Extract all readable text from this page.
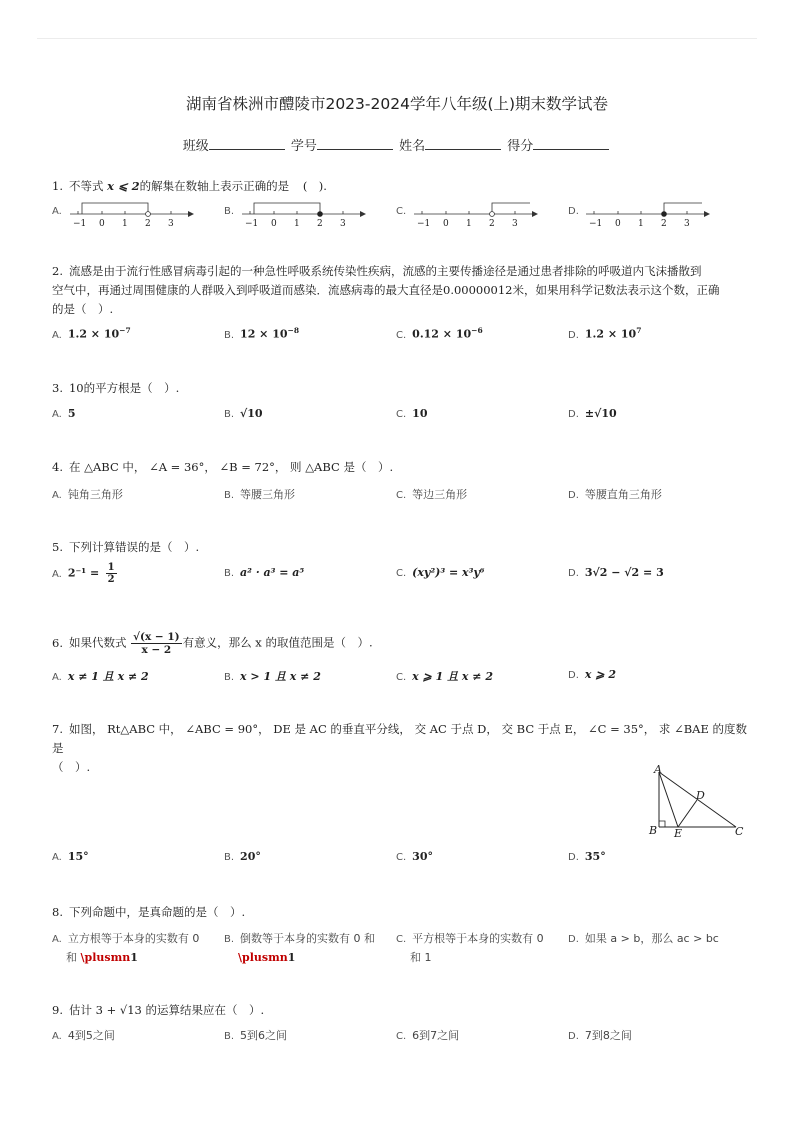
湖南省株洲市醴陵市2023-2024学年八年级(上)期末数学试卷
班级	学号	姓名	得分
1. 不等式 x ⩽ 2的解集在数轴上表示正确的是 (　).
A.
−1 0 1 2 3
B.
−1 0 1 2 3
C.
−1 0 1 2 3
D.
−1 0 1 2 3
2. 流感是由于流行性感冒病毒引起的一种急性呼吸系统传染性疾病，流感的主要传播途径是通过患者排除的呼吸道内飞沫播散到
空气中，再通过周围健康的人群吸入到呼吸道而感染．流感病毒的最大直径是0.00000012米，如果用科学记数法表示这个数，正确
的是（　）.
A. $1.2 \times 10^{-7}$	B. $12 \times 10^{-8}$	C. $0.12 \times 10^{-6}$	D. $1.2 \times 10^7$
3. 10的平方根是（　）.
A. 5	B. √10	C. 10	D. ±√10
4. 在 △ABC 中， ∠A = 36°， ∠B = 72°， 则 △ABC 是（　）.
A. 钝角三角形	B. 等腰三角形	C. 等边三角形	D. 等腰直角三角形
5. 下列计算错误的是（　）.
A. $2^{-1} = \frac{1}{2}$	B. a² · a³ = a⁵	C. (xy²)³ = x³y⁶	D. 3√2 − √2 = 3
6. 如果代数式 $\frac{√(x - 1)}{x - 2}$ 有意义，那么 x 的取值范围是（　）.
A. x ≠ 1 且 x ≠ 2	B. x > 1 且 x ≠ 2	C. x ⩾ 1 且 x ≠ 2	D. x ⩾ 2
7. 如图， Rt△ABC 中， ∠ABC = 90°， DE 是 AC 的垂直平分线， 交 AC 于点 D， 交 BC 于点 E， ∠C = 35°， 求 ∠BAE 的度数是
（　）.	A
B	C
D
E
A. 15°	B. 20°	C. 30°	D. 35°
8. 下列命题中，是真命题的是（　）.
A. 立方根等于本身的实数有 0
和 \plusmn1
B. 倒数等于本身的实数有 0 和
\plusmn1
C. 平方根等于本身的实数有 0
和 1
D. 如果 a > b，那么 ac > bc
9. 估计 3 + √13 的运算结果应在（　）.
A. 4到5之间	B. 5到6之间	C. 6到7之间	D. 7到8之间
